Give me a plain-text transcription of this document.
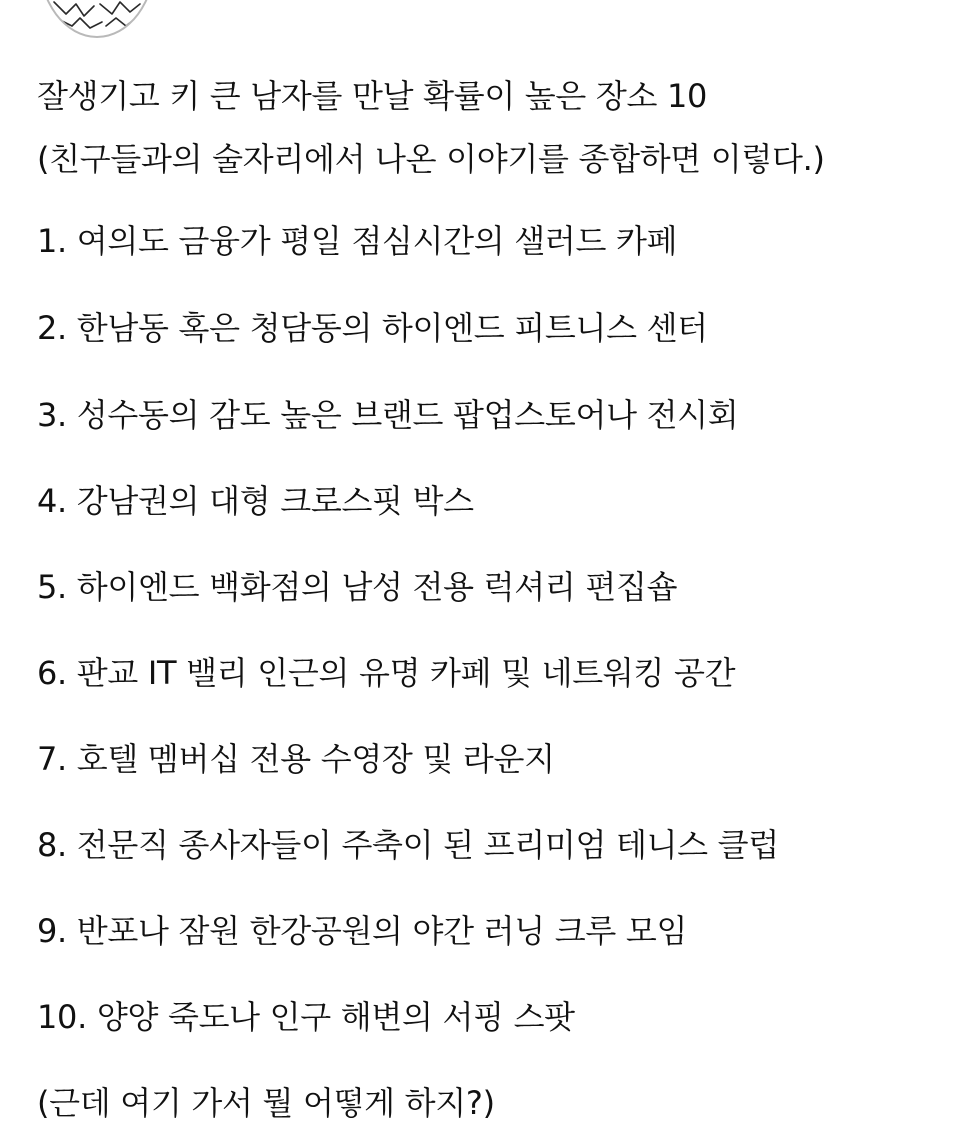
잘생기고 키 큰 남자를 만날 확률이 높은 장소 10
(친구들과의 술자리에서 나온 이야기를 종합하면 이렇다.)
1. 여의도 금융가 평일 점심시간의 샐러드 카페
2. 한남동 혹은 청담동의 하이엔드 피트니스 센터
3. 성수동의 감도 높은 브랜드 팝업스토어나 전시회
4. 강남권의 대형 크로스핏 박스
5. 하이엔드 백화점의 남성 전용 럭셔리 편집숍
6. 판교 IT 밸리 인근의 유명 카페 및 네트워킹 공간
7. 호텔 멤버십 전용 수영장 및 라운지
8. 전문직 종사자들이 주축이 된 프리미엄 테니스 클럽
9. 반포나 잠원 한강공원의 야간 러닝 크루 모임
10. 양양 죽도나 인구 해변의 서핑 스팟
(근데 여기 가서 뭘 어떻게 하지?)
